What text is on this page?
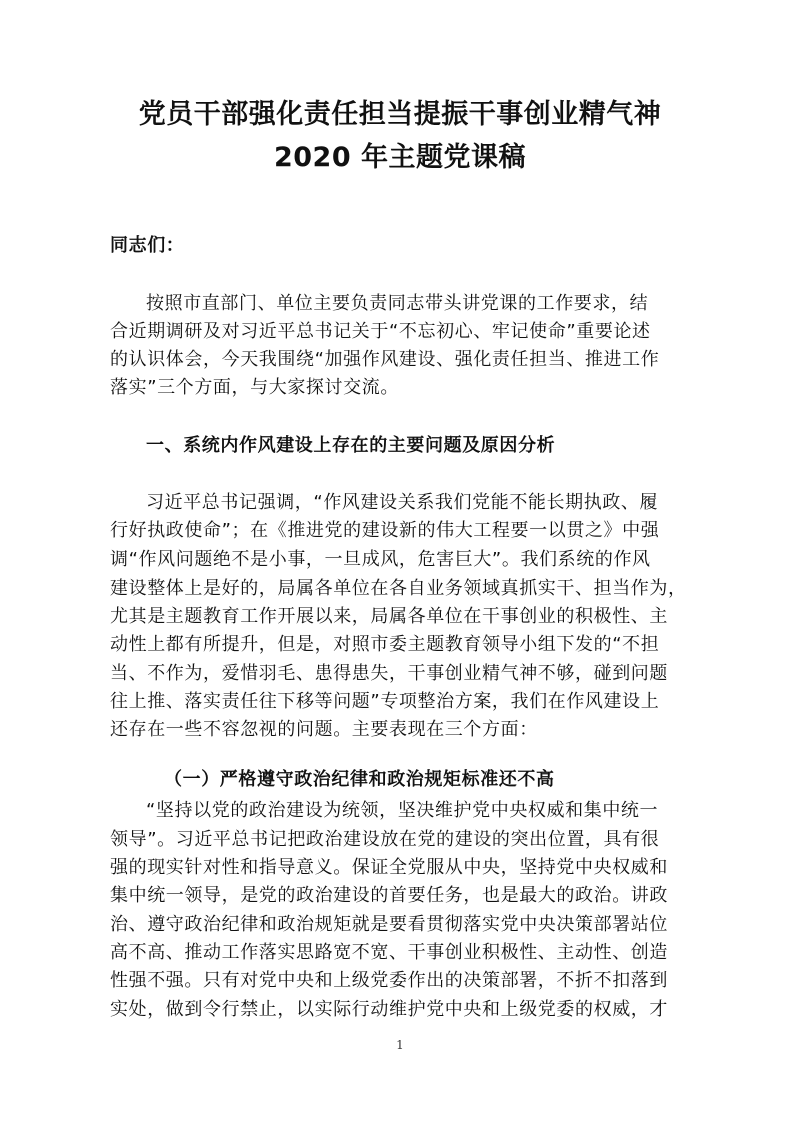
党员干部强化责任担当提振干事创业精气神
2020 年主题党课稿
同志们：
按照市直部门、单位主要负责同志带头讲党课的工作要求，结
合近期调研及对习近平总书记关于“不忘初心、牢记使命”重要论述
的认识体会，今天我围绕“加强作风建设、强化责任担当、推进工作
落实”三个方面，与大家探讨交流。
一、系统内作风建设上存在的主要问题及原因分析
习近平总书记强调，“作风建设关系我们党能不能长期执政、履
行好执政使命”；在《推进党的建设新的伟大工程要一以贯之》中强
调“作风问题绝不是小事，一旦成风，危害巨大”。我们系统的作风
建设整体上是好的，局属各单位在各自业务领域真抓实干、担当作为，
尤其是主题教育工作开展以来，局属各单位在干事创业的积极性、主
动性上都有所提升，但是，对照市委主题教育领导小组下发的“不担
当、不作为，爱惜羽毛、患得患失，干事创业精气神不够，碰到问题
往上推、落实责任往下移等问题”专项整治方案，我们在作风建设上
还存在一些不容忽视的问题。主要表现在三个方面：
（一）严格遵守政治纪律和政治规矩标准还不高
“坚持以党的政治建设为统领，坚决维护党中央权威和集中统一
领导”。习近平总书记把政治建设放在党的建设的突出位置，具有很
强的现实针对性和指导意义。保证全党服从中央，坚持党中央权威和
集中统一领导，是党的政治建设的首要任务，也是最大的政治。讲政
治、遵守政治纪律和政治规矩就是要看贯彻落实党中央决策部署站位
高不高、推动工作落实思路宽不宽、干事创业积极性、主动性、创造
性强不强。只有对党中央和上级党委作出的决策部署，不折不扣落到
实处，做到令行禁止，以实际行动维护党中央和上级党委的权威，才
1
